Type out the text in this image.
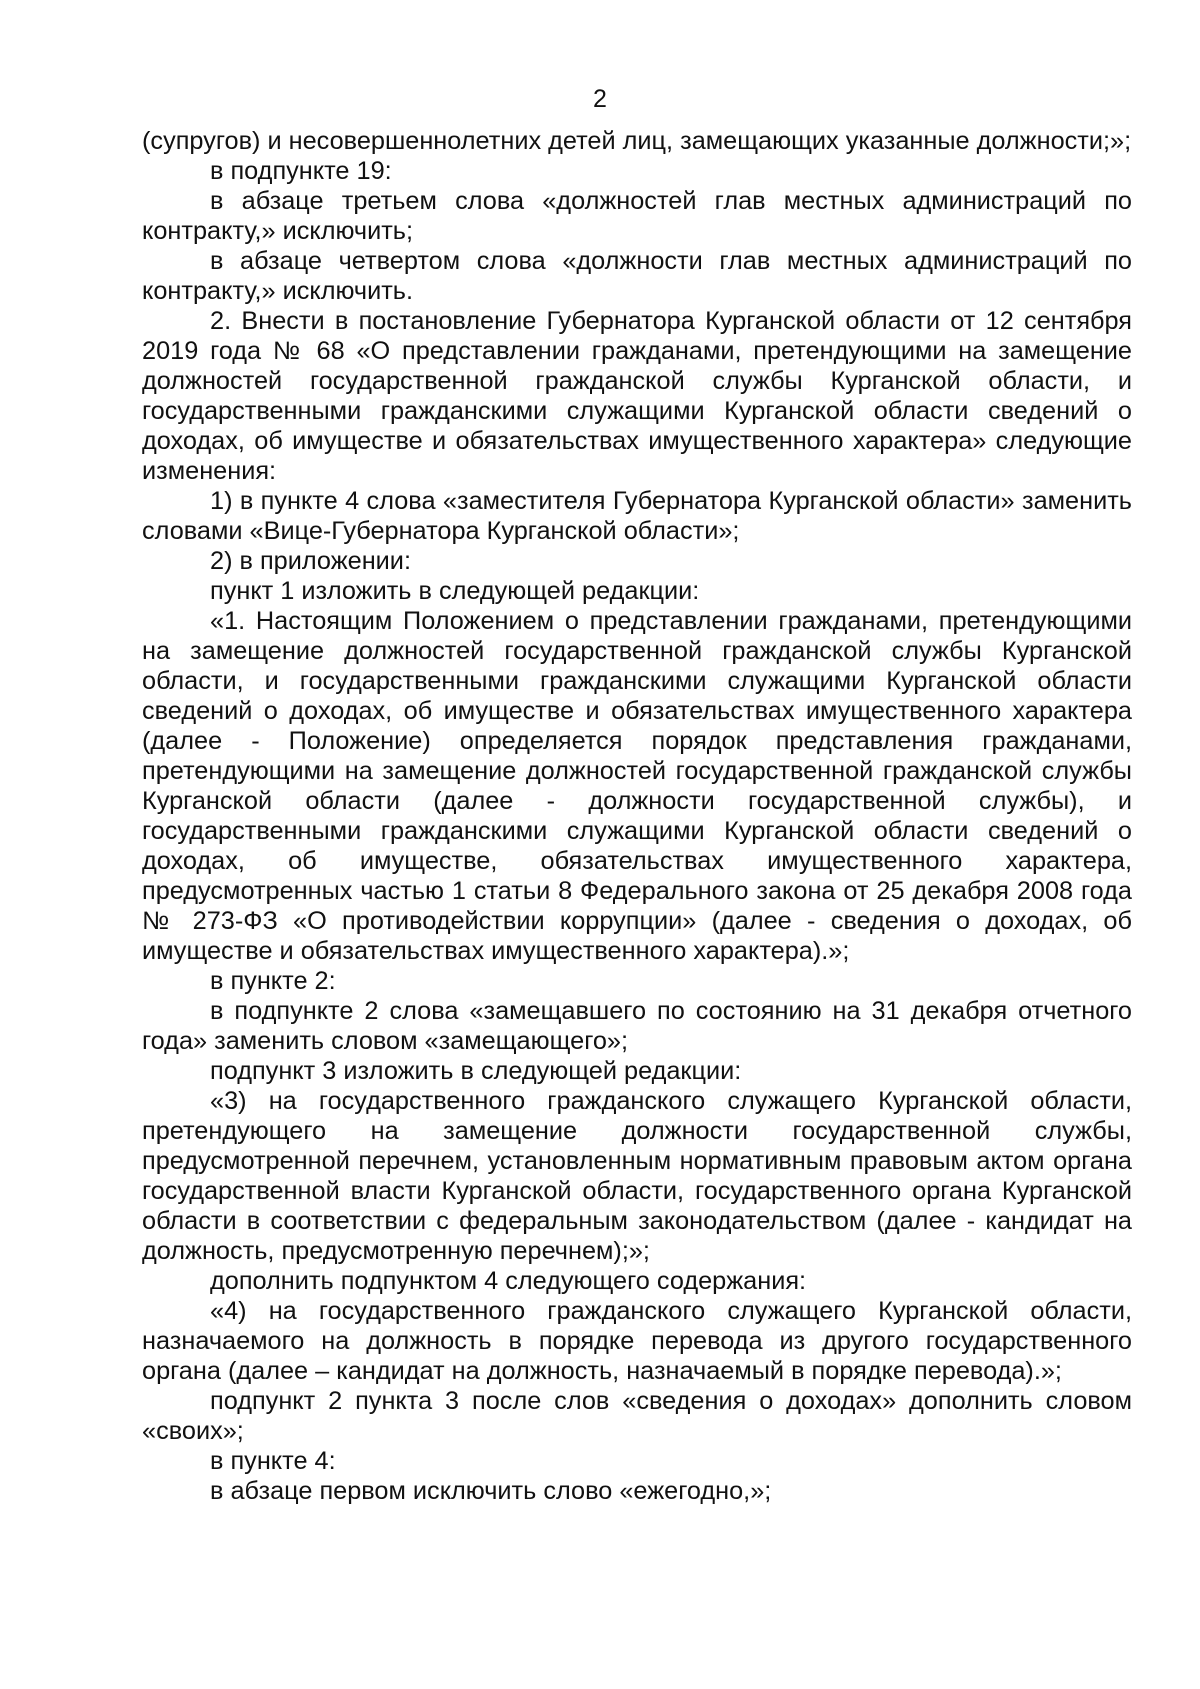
2

(супругов) и несовершеннолетних детей лиц, замещающих указанные должности;»;

в подпункте 19:

в абзаце третьем слова «должностей глав местных администраций по контракту,» исключить;

в абзаце четвертом слова «должности глав местных администраций по контракту,» исключить.

2. Внести в постановление Губернатора Курганской области от 12 сентября 2019 года № 68 «О представлении гражданами, претендующими на замещение должностей государственной гражданской службы Курганской области, и государственными гражданскими служащими Курганской области сведений о доходах, об имуществе и обязательствах имущественного характера» следующие изменения:

1) в пункте 4 слова «заместителя Губернатора Курганской области» заменить словами «Вице-Губернатора Курганской области»;

2) в приложении:

пункт 1 изложить в следующей редакции:

«1. Настоящим Положением о представлении гражданами, претендующими на замещение должностей государственной гражданской службы Курганской области, и государственными гражданскими служащими Курганской области сведений о доходах, об имуществе и обязательствах имущественного характера (далее - Положение) определяется порядок представления гражданами, претендующими на замещение должностей государственной гражданской службы Курганской области (далее - должности государственной службы), и государственными гражданскими служащими Курганской области сведений о доходах, об имуществе, обязательствах имущественного характера, предусмотренных частью 1 статьи 8 Федерального закона от 25 декабря 2008 года № 273-ФЗ «О противодействии коррупции» (далее - сведения о доходах, об имуществе и обязательствах имущественного характера).»;

в пункте 2:

в подпункте 2 слова «замещавшего по состоянию на 31 декабря отчетного года» заменить словом «замещающего»;

подпункт 3 изложить в следующей редакции:

«3) на государственного гражданского служащего Курганской области, претендующего на замещение должности государственной службы, предусмотренной перечнем, установленным нормативным правовым актом органа государственной власти Курганской области, государственного органа Курганской области в соответствии с федеральным законодательством (далее - кандидат на должность, предусмотренную перечнем);»;

дополнить подпунктом 4 следующего содержания:

«4) на государственного гражданского служащего Курганской области, назначаемого на должность в порядке перевода из другого государственного органа (далее – кандидат на должность, назначаемый в порядке перевода).»;

подпункт 2 пункта 3 после слов «сведения о доходах» дополнить словом «своих»;

в пункте 4:

в абзаце первом исключить слово «ежегодно,»;
